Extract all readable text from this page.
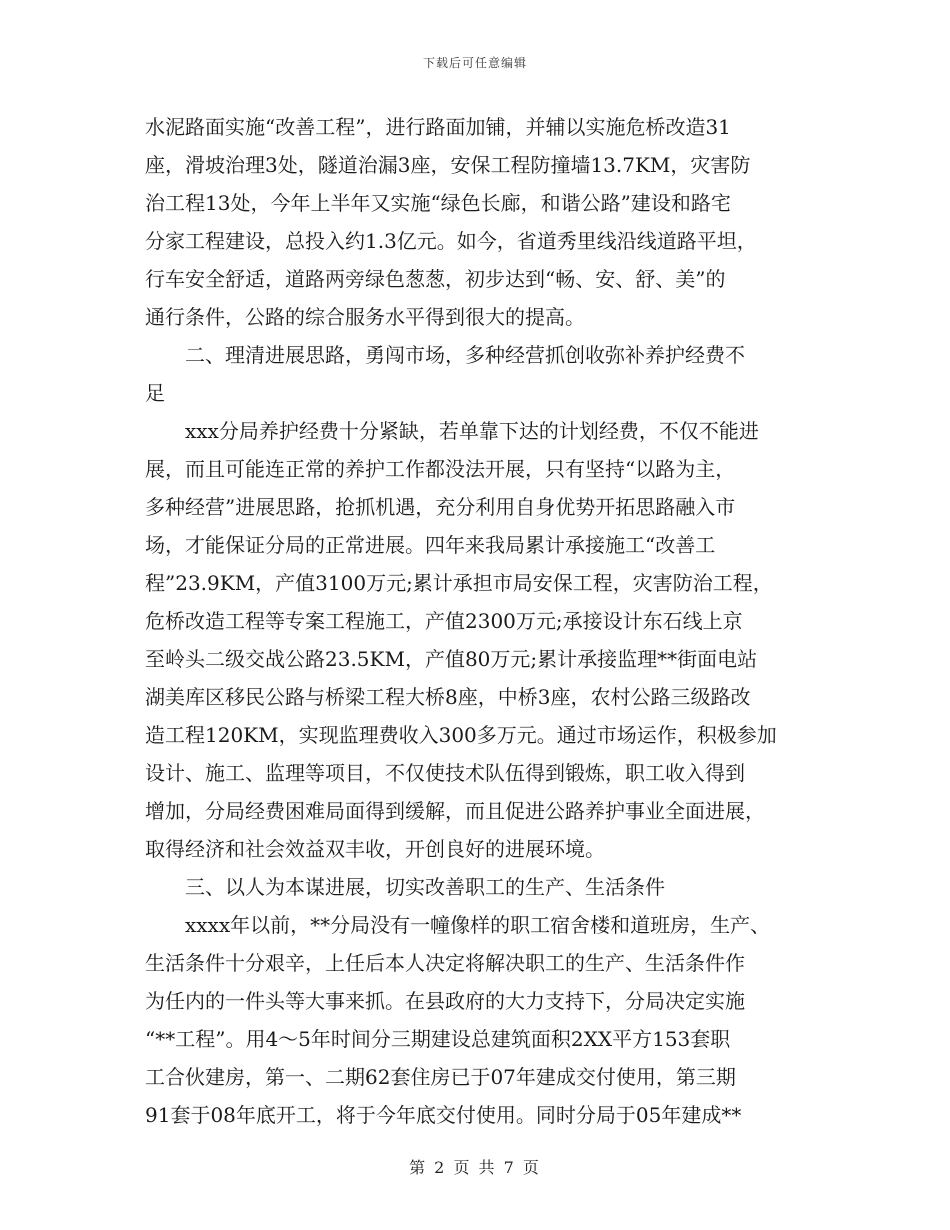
下载后可任意编辑
水泥路面实施“改善工程”，进行路面加铺，并辅以实施危桥改造31
座，滑坡治理3处，隧道治漏3座，安保工程防撞墙13.7KM，灾害防
治工程13处，今年上半年又实施“绿色长廊，和谐公路”建设和路宅
分家工程建设，总投入约1.3亿元。如今，省道秀里线沿线道路平坦，
行车安全舒适，道路两旁绿色葱葱，初步达到“畅、安、舒、美”的
通行条件，公路的综合服务水平得到很大的提高。
二、理清进展思路，勇闯市场，多种经营抓创收弥补养护经费不
足
xxx分局养护经费十分紧缺，若单靠下达的计划经费，不仅不能进
展，而且可能连正常的养护工作都没法开展，只有坚持“以路为主，
多种经营”进展思路，抢抓机遇，充分利用自身优势开拓思路融入市
场，才能保证分局的正常进展。四年来我局累计承接施工“改善工
程”23.9KM，产值3100万元;累计承担市局安保工程，灾害防治工程，
危桥改造工程等专案工程施工，产值2300万元;承接设计东石线上京
至岭头二级交战公路23.5KM，产值80万元;累计承接监理**街面电站
湖美库区移民公路与桥梁工程大桥8座，中桥3座，农村公路三级路改
造工程120KM，实现监理费收入300多万元。通过市场运作，积极参加
设计、施工、监理等项目，不仅使技术队伍得到锻炼，职工收入得到
增加，分局经费困难局面得到缓解，而且促进公路养护事业全面进展，
取得经济和社会效益双丰收，开创良好的进展环境。
三、以人为本谋进展，切实改善职工的生产、生活条件
xxxx年以前，**分局没有一幢像样的职工宿舍楼和道班房，生产、
生活条件十分艰辛，上任后本人决定将解决职工的生产、生活条件作
为任内的一件头等大事来抓。在县政府的大力支持下，分局决定实施
“**工程”。用4～5年时间分三期建设总建筑面积2XX平方153套职
工合伙建房，第一、二期62套住房已于07年建成交付使用，第三期
91套于08年底开工，将于今年底交付使用。同时分局于05年建成**
第 2 页 共 7 页
